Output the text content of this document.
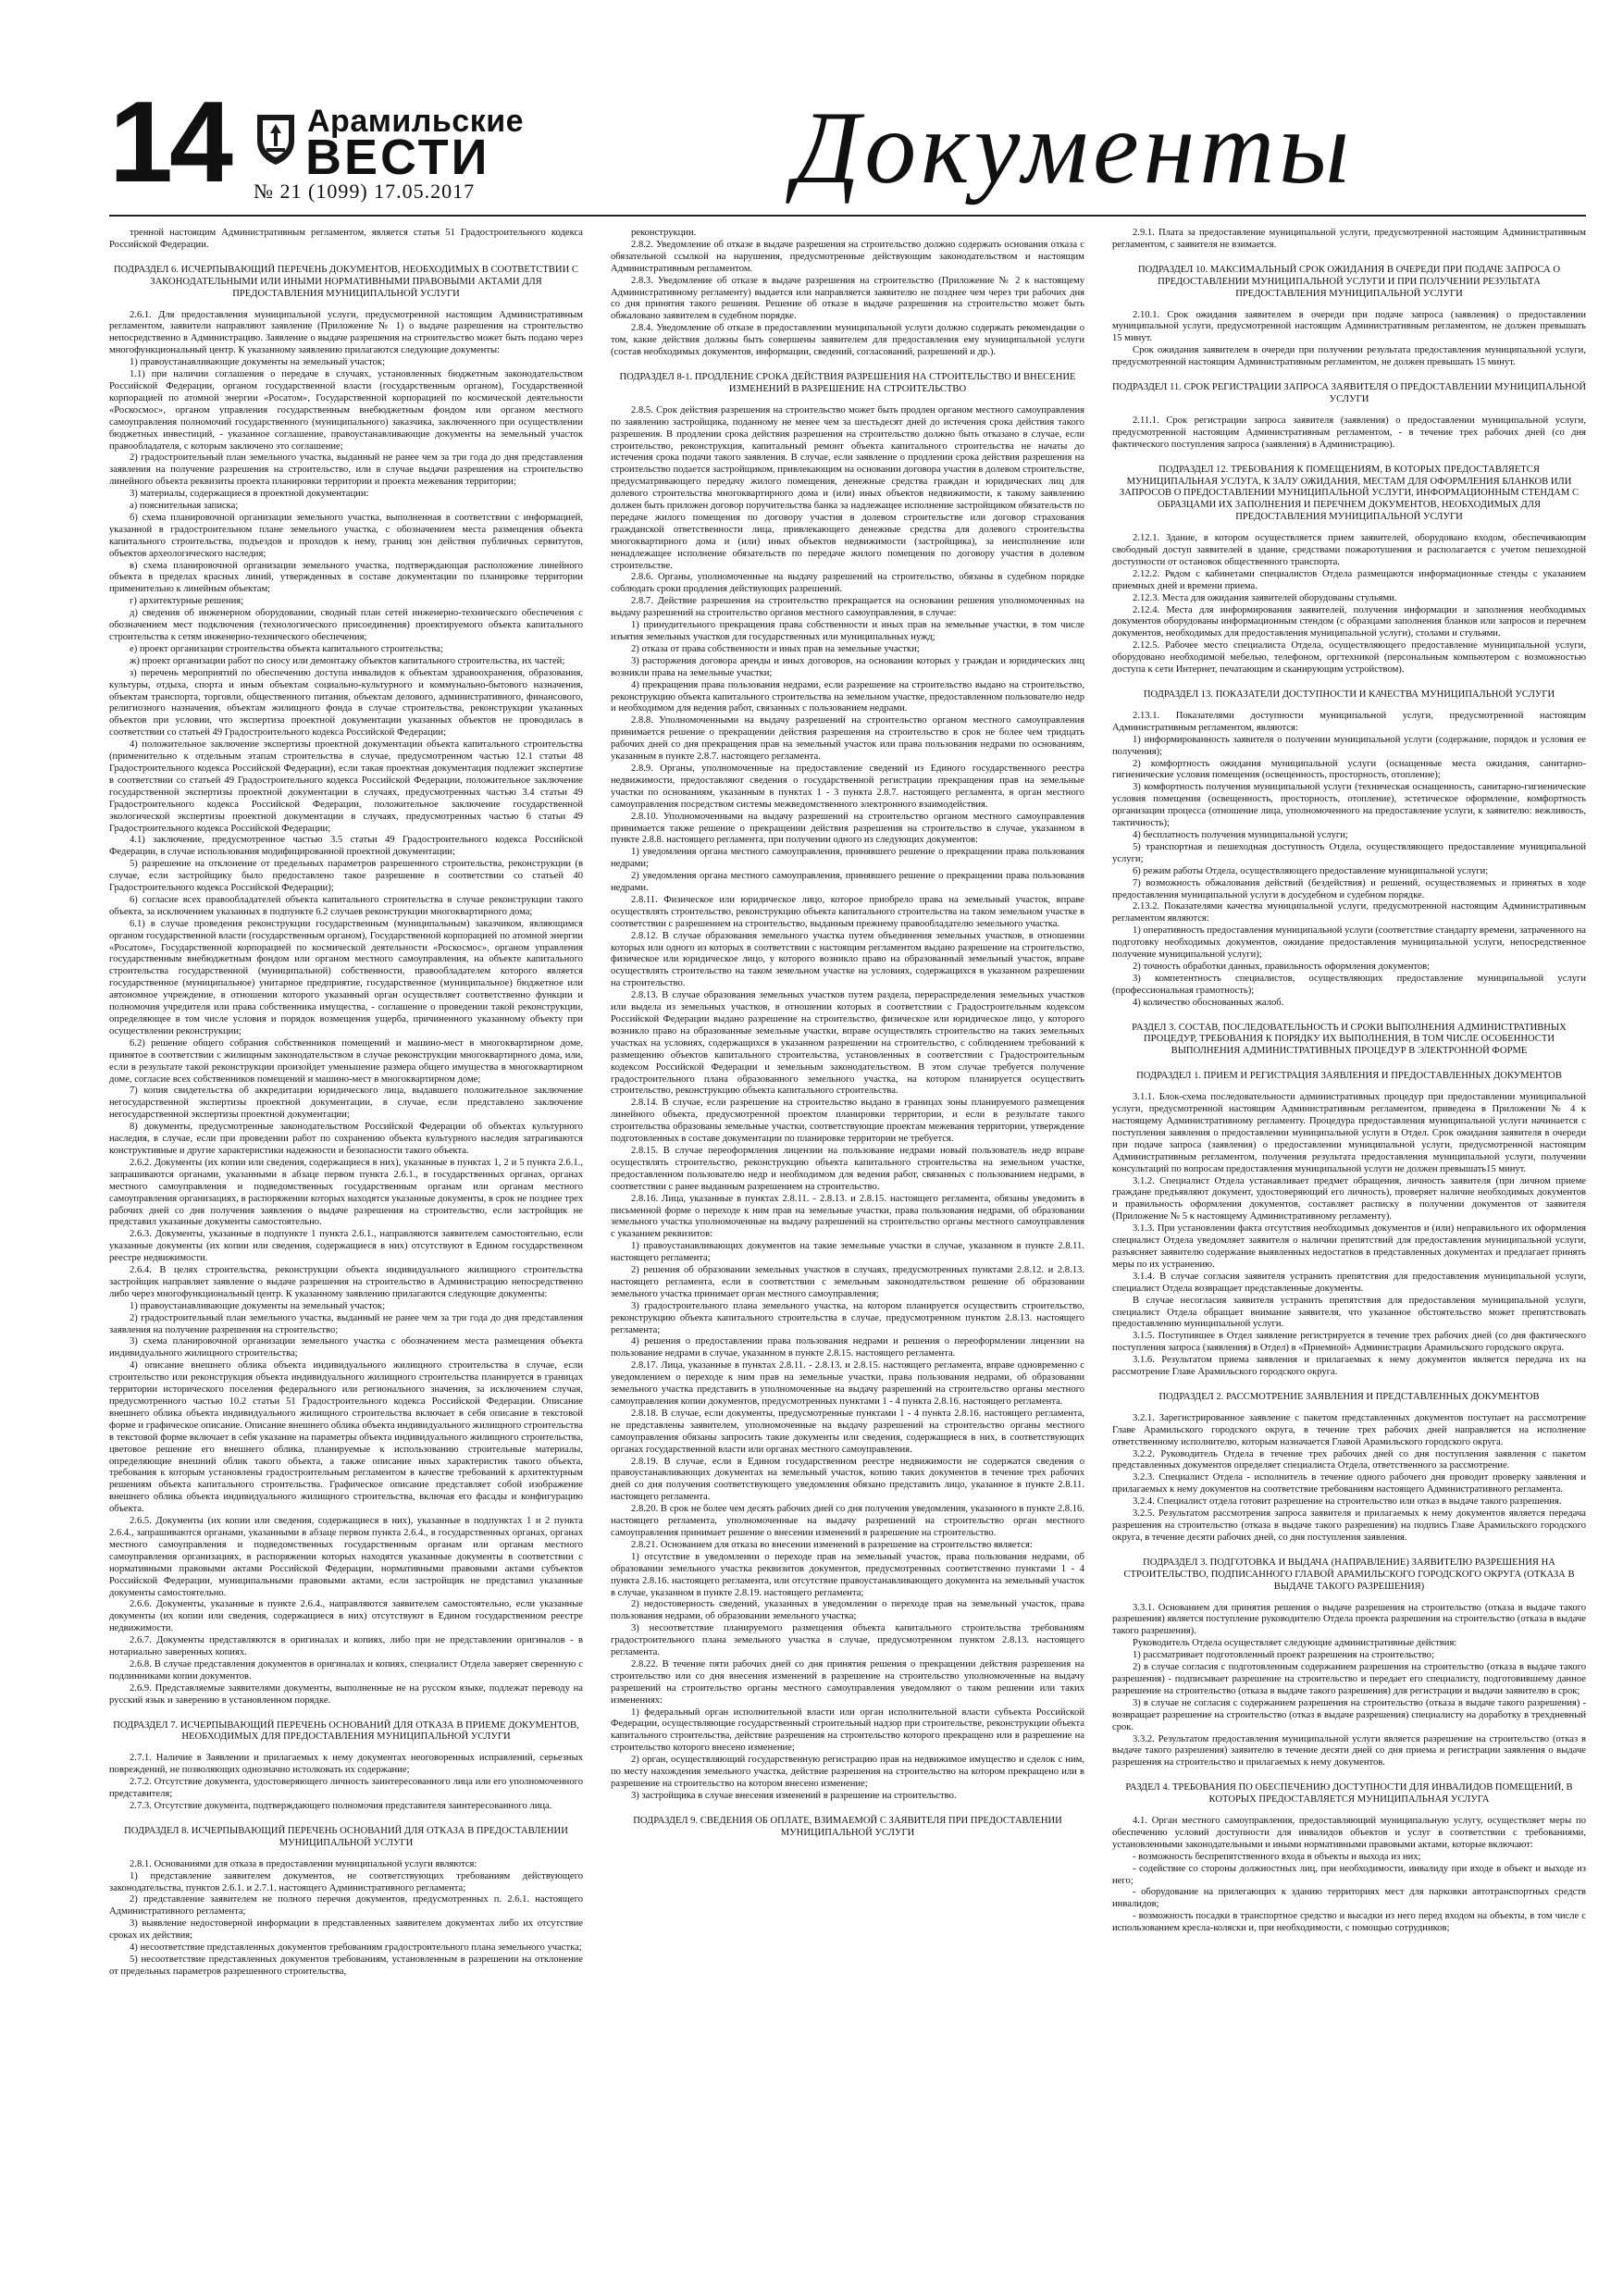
14 Арамильские
ВЕСТИ
№ 21 (1099) 17.05.2017	Документы

тренной настоящим Административным регламентом, является статья 51 Градостроительного кодекса Российской Федерации.

ПОДРАЗДЕЛ 6. ИСЧЕРПЫВАЮЩИЙ ПЕРЕЧЕНЬ ДОКУМЕНТОВ, НЕОБХОДИМЫХ В СООТВЕТСТВИИ С ЗАКОНОДАТЕЛЬНЫМИ ИЛИ ИНЫМИ НОРМАТИВНЫМИ ПРАВОВЫМИ АКТАМИ ДЛЯ ПРЕДОСТАВЛЕНИЯ МУНИЦИПАЛЬНОЙ УСЛУГИ

2.6.1. Для предоставления муниципальной услуги, предусмотренной настоящим Административным регламентом, заявители направляют заявление (Приложение № 1) о выдаче разрешения на строительство непосредственно в Администрацию. Заявление о выдаче разрешения на строительство может быть подано через многофункциональный центр. К указанному заявлению прилагаются следующие документы:

1) правоустанавливающие документы на земельный участок;

1.1) при наличии соглашения о передаче в случаях, установленных бюджетным законодательством Российской Федерации, органом государственной власти (государственным органом), Государственной корпорацией по атомной энергии «Росатом», Государственной корпорацией по космической деятельности «Роскосмос», органом управления государственным внебюджетным фондом или органом местного самоуправления полномочий государственного (муниципального) заказчика, заключенного при осуществлении бюджетных инвестиций, - указанное соглашение, правоустанавливающие документы на земельный участок правообладателя, с которым заключено это соглашение;

2) градостроительный план земельного участка, выданный не ранее чем за три года до дня представления заявления на получение разрешения на строительство, или в случае выдачи разрешения на строительство линейного объекта реквизиты проекта планировки территории и проекта межевания территории;

3) материалы, содержащиеся в проектной документации:

а) пояснительная записка;

б) схема планировочной организации земельного участка, выполненная в соответствии с информацией, указанной в градостроительном плане земельного участка, с обозначением места размещения объекта капитального строительства, подъездов и проходов к нему, границ зон действия публичных сервитутов, объектов археологического наследия;

в) схема планировочной организации земельного участка, подтверждающая расположение линейного объекта в пределах красных линий, утвержденных в составе документации по планировке территории применительно к линейным объектам;

г) архитектурные решения;

д) сведения об инженерном оборудовании, сводный план сетей инженерно-технического обеспечения с обозначением мест подключения (технологического присоединения) проектируемого объекта капитального строительства к сетям инженерно-технического обеспечения;

е) проект организации строительства объекта капитального строительства;

ж) проект организации работ по сносу или демонтажу объектов капитального строительства, их частей;

з) перечень мероприятий по обеспечению доступа инвалидов к объектам здравоохранения, образования, культуры, отдыха, спорта и иным объектам социально-культурного и коммунально-бытового назначения, объектам транспорта, торговли, общественного питания, объектам делового, административного, финансового, религиозного назначения, объектам жилищного фонда в случае строительства, реконструкции указанных объектов при условии, что экспертиза проектной документации указанных объектов не проводилась в соответствии со статьей 49 Градостроительного кодекса Российской Федерации;

4) положительное заключение экспертизы проектной документации объекта капитального строительства (применительно к отдельным этапам строительства в случае, предусмотренном частью 12.1 статьи 48 Градостроительного кодекса Российской Федерации), если такая проектная документация подлежит экспертизе в соответствии со статьей 49 Градостроительного кодекса Российской Федерации, положительное заключение государственной экспертизы проектной документации в случаях, предусмотренных частью 3.4 статьи 49 Градостроительного кодекса Российской Федерации, положительное заключение государственной экологической экспертизы проектной документации в случаях, предусмотренных частью 6 статьи 49 Градостроительного кодекса Российской Федерации;

4.1) заключение, предусмотренное частью 3.5 статьи 49 Градостроительного кодекса Российской Федерации, в случае использования модифицированной проектной документации;

5) разрешение на отклонение от предельных параметров разрешенного строительства, реконструкции (в случае, если застройщику было предоставлено такое разрешение в соответствии со статьей 40 Градостроительного кодекса Российской Федерации);

6) согласие всех правообладателей объекта капитального строительства в случае реконструкции такого объекта, за исключением указанных в подпункте 6.2 случаев реконструкции многоквартирного дома;

6.1) в случае проведения реконструкции государственным (муниципальным) заказчиком, являющимся органом государственной власти (государственным органом), Государственной корпорацией по атомной энергии «Росатом», Государственной корпорацией по космической деятельности «Роскосмос», органом управления государственным внебюджетным фондом или органом местного самоуправления, на объекте капитального строительства государственной (муниципальной) собственности, правообладателем которого является государственное (муниципальное) унитарное предприятие, государственное (муниципальное) бюджетное или автономное учреждение, в отношении которого указанный орган осуществляет соответственно функции и полномочия учредителя или права собственника имущества, - соглашение о проведении такой реконструкции, определяющее в том числе условия и порядок возмещения ущерба, причиненного указанному объекту при осуществлении реконструкции;

6.2) решение общего собрания собственников помещений и машино-мест в многоквартирном доме, принятое в соответствии с жилищным законодательством в случае реконструкции многоквартирного дома, или, если в результате такой реконструкции произойдет уменьшение размера общего имущества в многоквартирном доме, согласие всех собственников помещений и машино-мест в многоквартирном доме;

7) копия свидетельства об аккредитации юридического лица, выдавшего положительное заключение негосударственной экспертизы проектной документации, в случае, если представлено заключение негосударственной экспертизы проектной документации;

8) документы, предусмотренные законодательством Российской Федерации об объектах культурного наследия, в случае, если при проведении работ по сохранению объекта культурного наследия затрагиваются конструктивные и другие характеристики надежности и безопасности такого объекта.

2.6.2. Документы (их копии или сведения, содержащиеся в них), указанные в пунктах 1, 2 и 5 пункта 2.6.1., запрашиваются органами, указанными в абзаце первом пункта 2.6.1., в государственных органах, органах местного самоуправления и подведомственных государственным органам или органам местного самоуправления организациях, в распоряжении которых находятся указанные документы, в срок не позднее трех рабочих дней со дня получения заявления о выдаче разрешения на строительство, если застройщик не представил указанные документы самостоятельно.

2.6.3. Документы, указанные в подпункте 1 пункта 2.6.1., направляются заявителем самостоятельно, если указанные документы (их копии или сведения, содержащиеся в них) отсутствуют в Едином государственном реестре недвижимости.

2.6.4. В целях строительства, реконструкции объекта индивидуального жилищного строительства застройщик направляет заявление о выдаче разрешения на строительство в Администрацию непосредственно либо через многофункциональный центр. К указанному заявлению прилагаются следующие документы:

1) правоустанавливающие документы на земельный участок;

2) градостроительный план земельного участка, выданный не ранее чем за три года до дня представления заявления на получение разрешения на строительство;

3) схема планировочной организации земельного участка с обозначением места размещения объекта индивидуального жилищного строительства;

4) описание внешнего облика объекта индивидуального жилищного строительства в случае, если строительство или реконструкция объекта индивидуального жилищного строительства планируется в границах территории исторического поселения федерального или регионального значения, за исключением случая, предусмотренного частью 10.2 статьи 51 Градостроительного кодекса Российской Федерации. Описание внешнего облика объекта индивидуального жилищного строительства включает в себя описание в текстовой форме и графическое описание. Описание внешнего облика объекта индивидуального жилищного строительства в текстовой форме включает в себя указание на параметры объекта индивидуального жилищного строительства, цветовое решение его внешнего облика, планируемые к использованию строительные материалы, определяющие внешний облик такого объекта, а также описание иных характеристик такого объекта, требования к которым установлены градостроительным регламентом в качестве требований к архитектурным решениям объекта капитального строительства. Графическое описание представляет собой изображение внешнего облика объекта индивидуального жилищного строительства, включая его фасады и конфигурацию объекта.

2.6.5. Документы (их копии или сведения, содержащиеся в них), указанные в подпунктах 1 и 2 пункта 2.6.4., запрашиваются органами, указанными в абзаце первом пункта 2.6.4., в государственных органах, органах местного самоуправления и подведомственных государственным органам или органам местного самоуправления организациях, в распоряжении которых находятся указанные документы в соответствии с нормативными правовыми актами Российской Федерации, нормативными правовыми актами субъектов Российской Федерации, муниципальными правовыми актами, если застройщик не представил указанные документы самостоятельно.

2.6.6. Документы, указанные в пункте 2.6.4., направляются заявителем самостоятельно, если указанные документы (их копии или сведения, содержащиеся в них) отсутствуют в Едином государственном реестре недвижимости.

2.6.7. Документы представляются в оригиналах и копиях, либо при не представлении оригиналов - в нотариально заверенных копиях.

2.6.8. В случае представления документов в оригиналах и копиях, специалист Отдела заверяет сверенную с подлинниками копии документов.

2.6.9. Представляемые заявителями документы, выполненные не на русском языке, подлежат переводу на русский язык и заверению в установленном порядке.

ПОДРАЗДЕЛ 7. ИСЧЕРПЫВАЮЩИЙ ПЕРЕЧЕНЬ ОСНОВАНИЙ ДЛЯ ОТКАЗА В ПРИЕМЕ ДОКУМЕНТОВ, НЕОБХОДИМЫХ ДЛЯ ПРЕДОСТАВЛЕНИЯ МУНИЦИПАЛЬНОЙ УСЛУГИ

2.7.1. Наличие в Заявлении и прилагаемых к нему документах неоговоренных исправлений, серьезных повреждений, не позволяющих однозначно истолковать их содержание;

2.7.2. Отсутствие документа, удостоверяющего личность заинтересованного лица или его уполномоченного представителя;

2.7.3. Отсутствие документа, подтверждающего полномочия представителя заинтересованного лица.

ПОДРАЗДЕЛ 8. ИСЧЕРПЫВАЮЩИЙ ПЕРЕЧЕНЬ ОСНОВАНИЙ ДЛЯ ОТКАЗА В ПРЕДОСТАВЛЕНИИ МУНИЦИПАЛЬНОЙ УСЛУГИ

2.8.1. Основаниями для отказа в предоставлении муниципальной услуги являются:

1) представление заявителем документов, не соответствующих требованиям действующего законодательства, пунктов 2.6.1. и 2.7.1. настоящего Административного регламента;

2) представление заявителем не полного перечня документов, предусмотренных п. 2.6.1. настоящего Административного регламента;

3) выявление недостоверной информации в представленных заявителем документах либо их отсутствие сроках их действия;

4) несоответствие представленных документов требованиям градостроительного плана земельного участка;

5) несоответствие представленных документов требованиям, установленным в разрешении на отклонение от предельных параметров разрешенного строительства,

реконструкции.

2.8.2. Уведомление об отказе в выдаче разрешения на строительство должно содержать основания отказа с обязательной ссылкой на нарушения, предусмотренные действующим законодательством и настоящим Административным регламентом.

2.8.3. Уведомление об отказе в выдаче разрешения на строительство (Приложение № 2 к настоящему Административному регламенту) выдается или направляется заявителю не позднее чем через три рабочих дня со дня принятия такого решения. Решение об отказе в выдаче разрешения на строительство может быть обжаловано заявителем в судебном порядке.

2.8.4. Уведомление об отказе в предоставлении муниципальной услуги должно содержать рекомендации о том, какие действия должны быть совершены заявителем для предоставления ему муниципальной услуги (состав необходимых документов, информации, сведений, согласований, разрешений и др.).

ПОДРАЗДЕЛ 8-1. ПРОДЛЕНИЕ СРОКА ДЕЙСТВИЯ РАЗРЕШЕНИЯ НА СТРОИТЕЛЬСТВО И ВНЕСЕНИЕ ИЗМЕНЕНИЙ В РАЗРЕШЕНИЕ НА СТРОИТЕЛЬСТВО

2.8.5. Срок действия разрешения на строительство может быть продлен органом местного самоуправления по заявлению застройщика, поданному не менее чем за шестьдесят дней до истечения срока действия такого разрешения. В продлении срока действия разрешения на строительство должно быть отказано в случае, если строительство, реконструкция, капитальный ремонт объекта капитального строительства не начаты до истечения срока подачи такого заявления. В случае, если заявление о продлении срока действия разрешения на строительство подается застройщиком, привлекающим на основании договора участия в долевом строительстве, предусматривающего передачу жилого помещения, денежные средства граждан и юридических лиц для долевого строительства многоквартирного дома и (или) иных объектов недвижимости, к такому заявлению должен быть приложен договор поручительства банка за надлежащее исполнение застройщиком обязательств по передаче жилого помещения по договору участия в долевом строительстве или договор страхования гражданской ответственности лица, привлекающего денежные средства для долевого строительства многоквартирного дома и (или) иных объектов недвижимости (застройщика), за неисполнение или ненадлежащее исполнение обязательств по передаче жилого помещения по договору участия в долевом строительстве.

2.8.6. Органы, уполномоченные на выдачу разрешений на строительство, обязаны в судебном порядке соблюдать сроки продления действующих разрешений.

2.8.7. Действие разрешения на строительство прекращается на основании решения уполномоченных на выдачу разрешений на строительство органов местного самоуправления, в случае:

1) принудительного прекращения права собственности и иных прав на земельные участки, в том числе изъятия земельных участков для государственных или муниципальных нужд;

2) отказа от права собственности и иных прав на земельные участки;

3) расторжения договора аренды и иных договоров, на основании которых у граждан и юридических лиц возникли права на земельные участки;

4) прекращения права пользования недрами, если разрешение на строительство выдано на строительство, реконструкцию объекта капитального строительства на земельном участке, предоставленном пользователю недр и необходимом для ведения работ, связанных с пользованием недрами.

2.8.8. Уполномоченными на выдачу разрешений на строительство органом местного самоуправления принимается решение о прекращении действия разрешения на строительство в срок не более чем тридцать рабочих дней со дня прекращения прав на земельный участок или права пользования недрами по основаниям, указанным в пункте 2.8.7. настоящего регламента.

2.8.9. Органы, уполномоченные на предоставление сведений из Единого государственного реестра недвижимости, предоставляют сведения о государственной регистрации прекращения прав на земельные участки по основаниям, указанным в пунктах 1 - 3 пункта 2.8.7. настоящего регламента, в орган местного самоуправления посредством системы межведомственного электронного взаимодействия.

2.8.10. Уполномоченными на выдачу разрешений на строительство органом местного самоуправления принимается также решение о прекращении действия разрешения на строительство в случае, указанном в пункте 2.8.8. настоящего регламента, при получении одного из следующих документов:

1) уведомления органа местного самоуправления, принявшего решение о прекращении права пользования недрами;

2) уведомления органа местного самоуправления, принявшего решение о прекращении права пользования недрами.

2.8.11. Физическое или юридическое лицо, которое приобрело права на земельный участок, вправе осуществлять строительство, реконструкцию объекта капитального строительства на таком земельном участке в соответствии с разрешением на строительство, выданным прежнему правообладателю земельного участка.

2.8.12. В случае образования земельного участка путем объединения земельных участков, в отношении которых или одного из которых в соответствии с настоящим регламентом выдано разрешение на строительство, физическое или юридическое лицо, у которого возникло право на образованный земельный участок, вправе осуществлять строительство на таком земельном участке на условиях, содержащихся в указанном разрешении на строительство.

2.8.13. В случае образования земельных участков путем раздела, перераспределения земельных участков или выдела из земельных участков, в отношении которых в соответствии с Градостроительным кодексом Российской Федерации выдано разрешение на строительство, физическое или юридическое лицо, у которого возникло право на образованные земельные участки, вправе осуществлять строительство на таких земельных участках на условиях, содержащихся в указанном разрешении на строительство, с соблюдением требований к размещению объектов капитального строительства, установленных в соответствии с Градостроительным кодексом Российской Федерации и земельным законодательством. В этом случае требуется получение градостроительного плана образованного земельного участка, на котором планируется осуществить строительство, реконструкцию объекта капитального строительства.

2.8.14. В случае, если разрешение на строительство выдано в границах зоны планируемого размещения линейного объекта, предусмотренной проектом планировки территории, и если в результате такого строительства образованы земельные участки, соответствующие проектам межевания территории, утверждение подготовленных в составе документации по планировке территории не требуется.

2.8.15. В случае переоформления лицензии на пользование недрами новый пользователь недр вправе осуществлять строительство, реконструкцию объекта капитального строительства на земельном участке, предоставленном пользователю недр и необходимом для ведения работ, связанных с пользованием недрами, в соответствии с ранее выданным разрешением на строительство.

2.8.16. Лица, указанные в пунктах 2.8.11. - 2.8.13. и 2.8.15. настоящего регламента, обязаны уведомить в письменной форме о переходе к ним прав на земельные участки, права пользования недрами, об образовании земельного участка уполномоченные на выдачу разрешений на строительство органы местного самоуправления с указанием реквизитов:

1) правоустанавливающих документов на такие земельные участки в случае, указанном в пункте 2.8.11. настоящего регламента;

2) решения об образовании земельных участков в случаях, предусмотренных пунктами 2.8.12. и 2.8.13. настоящего регламента, если в соответствии с земельным законодательством решение об образовании земельного участка принимает орган местного самоуправления;

3) градостроительного плана земельного участка, на котором планируется осуществить строительство, реконструкцию объекта капитального строительства в случае, предусмотренном пунктом 2.8.13. настоящего регламента;

4) решения о предоставлении права пользования недрами и решения о переоформлении лицензии на пользование недрами в случае, указанном в пункте 2.8.15. настоящего регламента.

2.8.17. Лица, указанные в пунктах 2.8.11. - 2.8.13. и 2.8.15. настоящего регламента, вправе одновременно с уведомлением о переходе к ним прав на земельные участки, права пользования недрами, об образовании земельного участка представить в уполномоченные на выдачу разрешений на строительство органы местного самоуправления копии документов, предусмотренных пунктами 1 - 4 пункта 2.8.16. настоящего регламента.

2.8.18. В случае, если документы, предусмотренные пунктами 1 - 4 пункта 2.8.16. настоящего регламента, не представлены заявителем, уполномоченные на выдачу разрешений на строительство органы местного самоуправления обязаны запросить такие документы или сведения, содержащиеся в них, в соответствующих органах государственной власти или органах местного самоуправления.

2.8.19. В случае, если в Едином государственном реестре недвижимости не содержатся сведения о правоустанавливающих документах на земельный участок, копию таких документов в течение трех рабочих дней со дня получения соответствующего уведомления обязано представить лицо, указанное в пункте 2.8.11. настоящего регламента.

2.8.20. В срок не более чем десять рабочих дней со дня получения уведомления, указанного в пункте 2.8.16. настоящего регламента, уполномоченные на выдачу разрешений на строительство орган местного самоуправления принимает решение о внесении изменений в разрешение на строительство.

2.8.21. Основанием для отказа во внесении изменений в разрешение на строительство является:

1) отсутствие в уведомлении о переходе прав на земельный участок, права пользования недрами, об образовании земельного участка реквизитов документов, предусмотренных соответственно пунктами 1 - 4 пункта 2.8.16. настоящего регламента, или отсутствие правоустанавливающего документа на земельный участок в случае, указанном в пункте 2.8.19. настоящего регламента;

2) недостоверность сведений, указанных в уведомлении о переходе прав на земельный участок, права пользования недрами, об образовании земельного участка;

3) несоответствие планируемого размещения объекта капитального строительства требованиям градостроительного плана земельного участка в случае, предусмотренном пунктом 2.8.13. настоящего регламента.

2.8.22. В течение пяти рабочих дней со дня принятия решения о прекращении действия разрешения на строительство или со дня внесения изменений в разрешение на строительство уполномоченные на выдачу разрешений на строительство органы местного самоуправления уведомляют о таком решении или таких изменениях:

1) федеральный орган исполнительной власти или орган исполнительной власти субъекта Российской Федерации, осуществляющие государственный строительный надзор при строительстве, реконструкции объекта капитального строительства, действие разрешения на строительство которого прекращено или в разрешение на строительство которого внесено изменение;

2) орган, осуществляющий государственную регистрацию прав на недвижимое имущество и сделок с ним, по месту нахождения земельного участка, действие разрешения на строительство на котором прекращено или в разрешение на строительство на котором внесено изменение;

3) застройщика в случае внесения изменений в разрешение на строительство.

ПОДРАЗДЕЛ 9. СВЕДЕНИЯ ОБ ОПЛАТЕ, ВЗИМАЕМОЙ С ЗАЯВИТЕЛЯ ПРИ ПРЕДОСТАВЛЕНИИ МУНИЦИПАЛЬНОЙ УСЛУГИ

2.9.1. Плата за предоставление муниципальной услуги, предусмотренной настоящим Административным регламентом, с заявителя не взимается.

ПОДРАЗДЕЛ 10. МАКСИМАЛЬНЫЙ СРОК ОЖИДАНИЯ В ОЧЕРЕДИ ПРИ ПОДАЧЕ ЗАПРОСА О ПРЕДОСТАВЛЕНИИ МУНИЦИПАЛЬНОЙ УСЛУГИ И ПРИ ПОЛУЧЕНИИ РЕЗУЛЬТАТА ПРЕДОСТАВЛЕНИЯ МУНИЦИПАЛЬНОЙ УСЛУГИ

2.10.1. Срок ожидания заявителем в очереди при подаче запроса (заявления) о предоставлении муниципальной услуги, предусмотренной настоящим Административным регламентом, не должен превышать 15 минут.

Срок ожидания заявителем в очереди при получении результата предоставления муниципальной услуги, предусмотренной настоящим Административным регламентом, не должен превышать 15 минут.

ПОДРАЗДЕЛ 11. СРОК РЕГИСТРАЦИИ ЗАПРОСА ЗАЯВИТЕЛЯ О ПРЕДОСТАВЛЕНИИ МУНИЦИПАЛЬНОЙ УСЛУГИ

2.11.1. Срок регистрации запроса заявителя (заявления) о предоставлении муниципальной услуги, предусмотренной настоящим Административным регламентом, - в течение трех рабочих дней (со дня фактического поступления запроса (заявления) в Администрацию).

ПОДРАЗДЕЛ 12. ТРЕБОВАНИЯ К ПОМЕЩЕНИЯМ, В КОТОРЫХ ПРЕДОСТАВЛЯЕТСЯ МУНИЦИПАЛЬНАЯ УСЛУГА, К ЗАЛУ ОЖИДАНИЯ, МЕСТАМ ДЛЯ ОФОРМЛЕНИЯ БЛАНКОВ ИЛИ ЗАПРОСОВ О ПРЕДОСТАВЛЕНИИ МУНИЦИПАЛЬНОЙ УСЛУГИ, ИНФОРМАЦИОННЫМ СТЕНДАМ С ОБРАЗЦАМИ ИХ ЗАПОЛНЕНИЯ И ПЕРЕЧНЕМ ДОКУМЕНТОВ, НЕОБХОДИМЫХ ДЛЯ ПРЕДОСТАВЛЕНИЯ МУНИЦИПАЛЬНОЙ УСЛУГИ

2.12.1. Здание, в котором осуществляется прием заявителей, оборудовано входом, обеспечивающим свободный доступ заявителей в здание, средствами пожаротушения и располагается с учетом пешеходной доступности от остановок общественного транспорта.

2.12.2. Рядом с кабинетами специалистов Отдела размещаются информационные стенды с указанием приемных дней и времени приема.

2.12.3. Места для ожидания заявителей оборудованы стульями.

2.12.4. Места для информирования заявителей, получения информации и заполнения необходимых документов оборудованы информационным стендом (с образцами заполнения бланков или запросов и перечнем документов, необходимых для предоставления муниципальной услуги), столами и стульями.

2.12.5. Рабочее место специалиста Отдела, осуществляющего предоставление муниципальной услуги, оборудовано необходимой мебелью, телефоном, оргтехникой (персональным компьютером с возможностью доступа к сети Интернет, печатающим и сканирующим устройством).

ПОДРАЗДЕЛ 13. ПОКАЗАТЕЛИ ДОСТУПНОСТИ И КАЧЕСТВА МУНИЦИПАЛЬНОЙ УСЛУГИ

2.13.1. Показателями доступности муниципальной услуги, предусмотренной настоящим Административным регламентом, являются:

1) информированность заявителя о получении муниципальной услуги (содержание, порядок и условия ее получения);

2) комфортность ожидания муниципальной услуги (оснащенные места ожидания, санитарно-гигиенические условия помещения (освещенность, просторность, отопление);

3) комфортность получения муниципальной услуги (техническая оснащенность, санитарно-гигиенические условия помещения (освещенность, просторность, отопление), эстетическое оформление, комфортность организации процесса (отношение лица, уполномоченного на предоставление услуги, к заявителю: вежливость, тактичность);

4) бесплатность получения муниципальной услуги;

5) транспортная и пешеходная доступность Отдела, осуществляющего предоставление муниципальной услуги;

6) режим работы Отдела, осуществляющего предоставление муниципальной услуги;

7) возможность обжалования действий (бездействия) и решений, осуществляемых и принятых в ходе предоставления муниципальной услуги в досудебном и судебном порядке.

2.13.2. Показателями качества муниципальной услуги, предусмотренной настоящим Административным регламентом являются:

1) оперативность предоставления муниципальной услуги (соответствие стандарту времени, затраченного на подготовку необходимых документов, ожидание предоставления муниципальной услуги, непосредственное получение муниципальной услуги);

2) точность обработки данных, правильность оформления документов;

3) компетентность специалистов, осуществляющих предоставление муниципальной услуги (профессиональная грамотность);

4) количество обоснованных жалоб.

РАЗДЕЛ 3. СОСТАВ, ПОСЛЕДОВАТЕЛЬНОСТЬ И СРОКИ ВЫПОЛНЕНИЯ АДМИНИСТРАТИВНЫХ ПРОЦЕДУР, ТРЕБОВАНИЯ К ПОРЯДКУ ИХ ВЫПОЛНЕНИЯ, В ТОМ ЧИСЛЕ ОСОБЕННОСТИ ВЫПОЛНЕНИЯ АДМИНИСТРАТИВНЫХ ПРОЦЕДУР В ЭЛЕКТРОННОЙ ФОРМЕ

ПОДРАЗДЕЛ 1. ПРИЕМ И РЕГИСТРАЦИЯ ЗАЯВЛЕНИЯ И ПРЕДОСТАВЛЕННЫХ ДОКУМЕНТОВ

3.1.1. Блок-схема последовательности административных процедур при предоставлении муниципальной услуги, предусмотренной настоящим Административным регламентом, приведена в Приложении № 4 к настоящему Административному регламенту. Процедура предоставления муниципальной услуги начинается с поступления заявления о предоставлении муниципальной услуги в Отдел. Срок ожидания заявителя в очереди при подаче запроса (заявления) о предоставлении муниципальной услуги, предусмотренной настоящим Административным регламентом, получения результата предоставления муниципальной услуги, получении консультаций по вопросам предоставления муниципальной услуги не должен превышать15 минут.

3.1.2. Специалист Отдела устанавливает предмет обращения, личность заявителя (при личном приеме граждане предъявляют документ, удостоверяющий его личность), проверяет наличие необходимых документов и правильность оформления документов, составляет расписку в получении документов от заявителя (Приложение № 5 к настоящему Административному регламенту).

3.1.3. При установлении факта отсутствия необходимых документов и (или) неправильного их оформления специалист Отдела уведомляет заявителя о наличии препятствий для предоставления муниципальной услуги, разъясняет заявителю содержание выявленных недостатков в представленных документах и предлагает принять меры по их устранению.

3.1.4. В случае согласия заявителя устранить препятствия для предоставления муниципальной услуги, специалист Отдела возвращает представленные документы.

В случае несогласия заявителя устранить препятствия для предоставления муниципальной услуги, специалист Отдела обращает внимание заявителя, что указанное обстоятельство может препятствовать предоставлению муниципальной услуги.

3.1.5. Поступившее в Отдел заявление регистрируется в течение трех рабочих дней (со дня фактического поступления запроса (заявления) в Отдел) в «Приемной» Администрации Арамильского городского округа.

3.1.6. Результатом приема заявления и прилагаемых к нему документов является передача их на рассмотрение Главе Арамильского городского округа.

ПОДРАЗДЕЛ 2. РАССМОТРЕНИЕ ЗАЯВЛЕНИЯ И ПРЕДСТАВЛЕННЫХ ДОКУМЕНТОВ

3.2.1. Зарегистрированное заявление с пакетом представленных документов поступает на рассмотрение Главе Арамильского городского округа, в течение трех рабочих дней направляется на исполнение ответственному исполнителю, которым назначается Главой Арамильского городского округа.

3.2.2. Руководитель Отдела в течение трех рабочих дней со дня поступления заявления с пакетом представленных документов определяет специалиста Отдела, ответственного за рассмотрение.

3.2.3. Специалист Отдела - исполнитель в течение одного рабочего дня проводит проверку заявления и прилагаемых к нему документов на соответствие требованиям настоящего Административного регламента.

3.2.4. Специалист отдела готовит разрешение на строительство или отказ в выдаче такого разрешения.

3.2.5. Результатом рассмотрения запроса заявителя и прилагаемых к нему документов является передача разрешения на строительство (отказа в выдаче такого разрешения) на подпись Главе Арамильского городского округа, в течение десяти рабочих дней, со дня поступления заявления.

ПОДРАЗДЕЛ 3. ПОДГОТОВКА И ВЫДАЧА (НАПРАВЛЕНИЕ) ЗАЯВИТЕЛЮ РАЗРЕШЕНИЯ НА СТРОИТЕЛЬСТВО, ПОДПИСАННОГО ГЛАВОЙ АРАМИЛЬСКОГО ГОРОДСКОГО ОКРУГА (ОТКАЗА В ВЫДАЧЕ ТАКОГО РАЗРЕШЕНИЯ)

3.3.1. Основанием для принятия решения о выдаче разрешения на строительство (отказа в выдаче такого разрешения) является поступление руководителю Отдела проекта разрешения на строительство (отказа в выдаче такого разрешения).

Руководитель Отдела осуществляет следующие административные действия:

1) рассматривает подготовленный проект разрешения на строительство;

2) в случае согласия с подготовленным содержанием разрешения на строительство (отказа в выдаче такого разрешения) - подписывает разрешение на строительство и передает его специалисту, подготовившему данное разрешение на строительство (отказа в выдаче такого разрешения) для регистрации и выдачи заявителю в срок;

3) в случае не согласия с содержанием разрешения на строительство (отказа в выдаче такого разрешения) - возвращает разрешение на строительство (отказ в выдаче разрешения) специалисту на доработку в трехдневный срок.

3.3.2. Результатом предоставления муниципальной услуги является разрешение на строительство (отказ в выдаче такого разрешения) заявителю в течение десяти дней со дня приема и регистрации заявления о выдаче разрешения на строительство и прилагаемых к нему документов.

РАЗДЕЛ 4. ТРЕБОВАНИЯ ПО ОБЕСПЕЧЕНИЮ ДОСТУПНОСТИ ДЛЯ ИНВАЛИДОВ ПОМЕЩЕНИЙ, В КОТОРЫХ ПРЕДОСТАВЛЯЕТСЯ МУНИЦИПАЛЬНАЯ УСЛУГА

4.1. Орган местного самоуправления, предоставляющий муниципальную услугу, осуществляет меры по обеспечению условий доступности для инвалидов объектов и услуг в соответствии с требованиями, установленными законодательными и иными нормативными правовыми актами, которые включают:

- возможность беспрепятственного входа в объекты и выхода из них;

- содействие со стороны должностных лиц, при необходимости, инвалиду при входе в объект и выходе из него;

- оборудование на прилегающих к зданию территориях мест для парковки автотранспортных средств инвалидов;

- возможность посадки в транспортное средство и высадки из него перед входом на объекты, в том числе с использованием кресла-коляски и, при необходимости, с помощью сотрудников;
